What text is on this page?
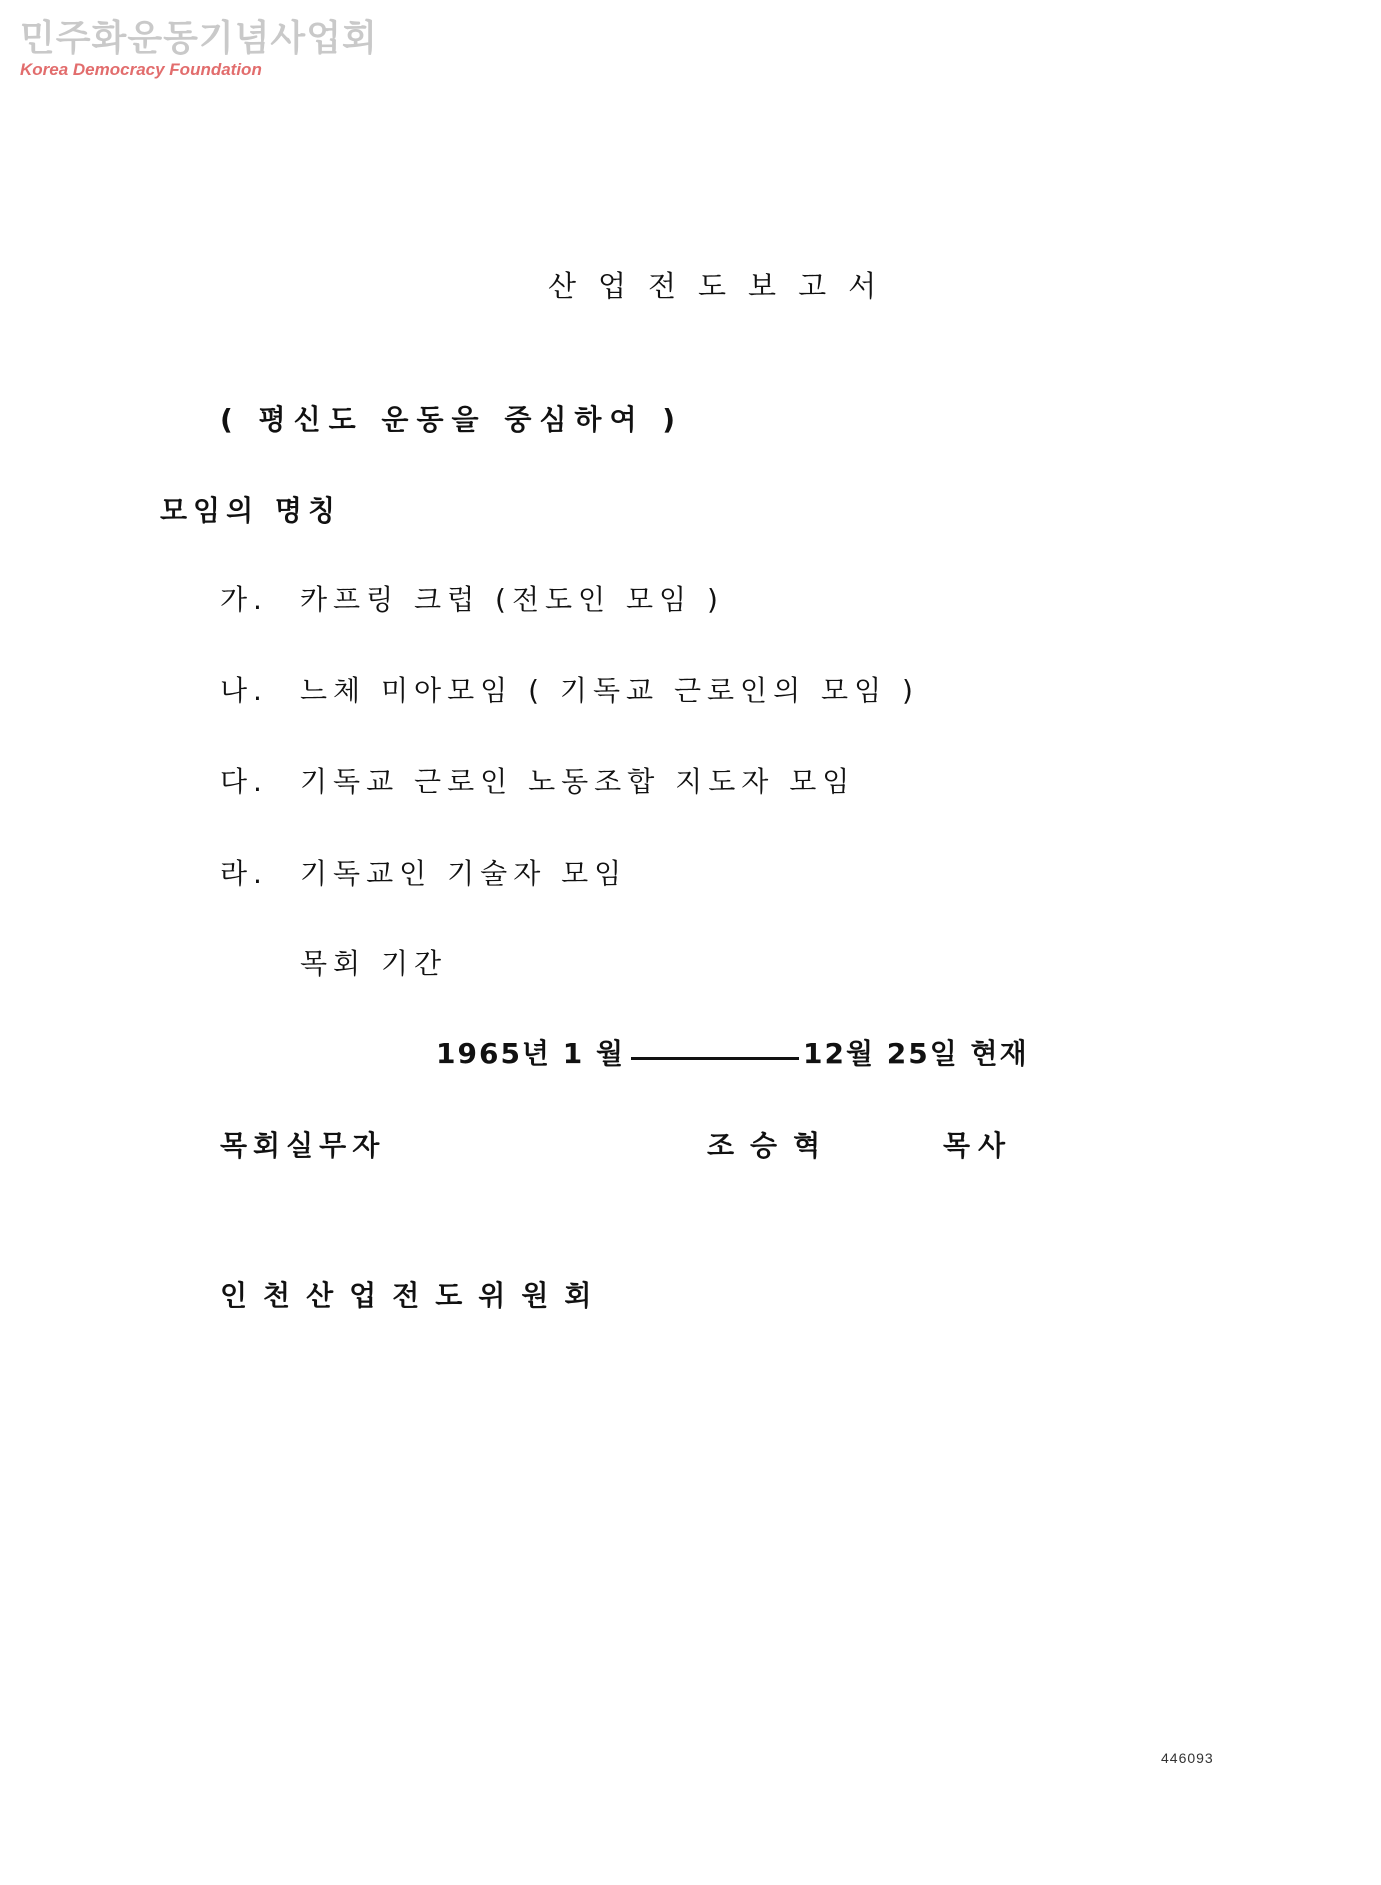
민주화운동기념사업회
Korea Democracy Foundation
산업전도보고서
( 평신도 운동을 중심하여 )
모임의 명칭
가. 카프링 크럽 (전도인 모임 )
나. 느체 미아모임 ( 기독교 근로인의 모임 )
다. 기독교 근로인 노동조합 지도자 모임
라. 기독교인 기술자 모임
목회 기간
1965년 1 월	12월 25일 현재
목회실무자	조승혁	목사
인천산업전도위원회
446093
